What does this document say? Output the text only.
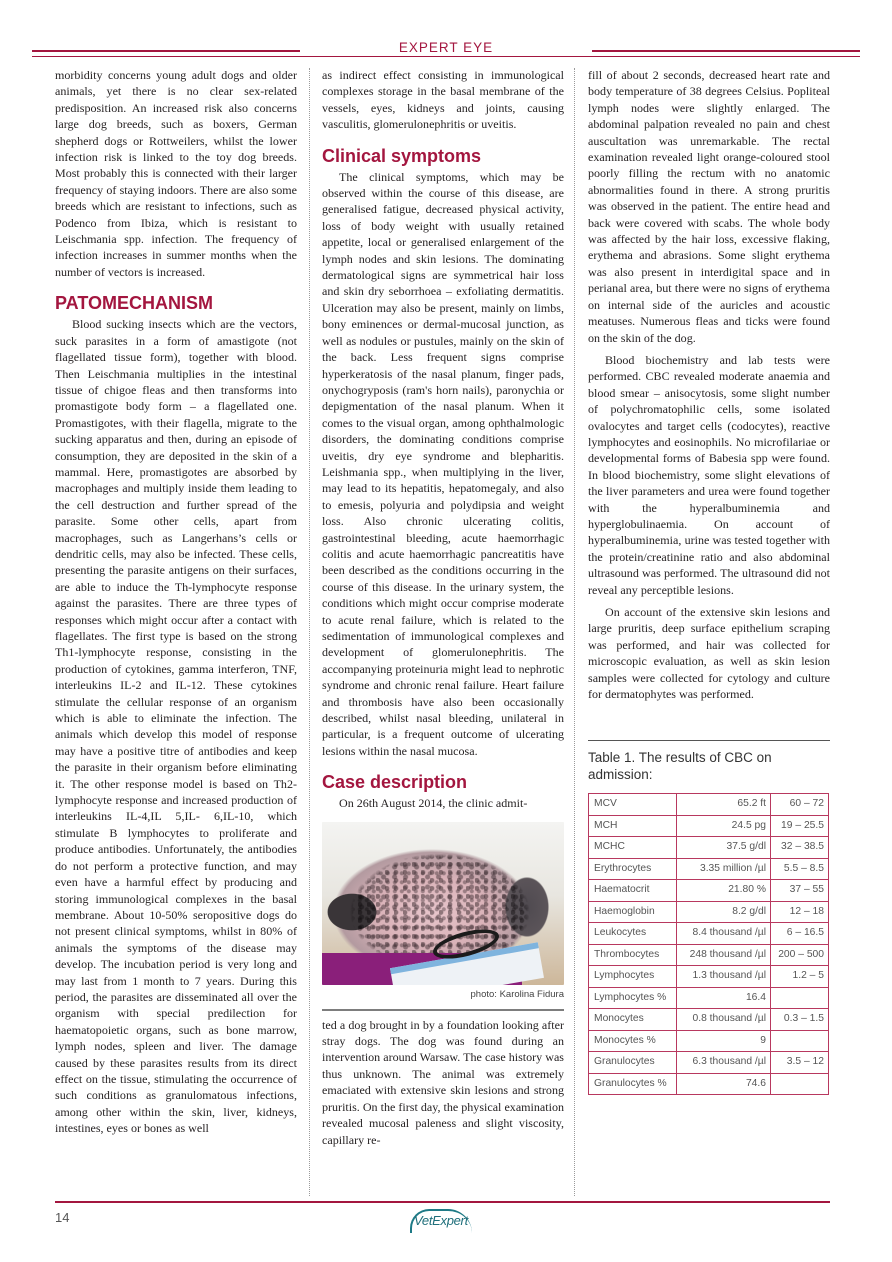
EXPERT EYE

morbidity concerns young adult dogs and older animals, yet there is no clear sex-related predisposition. An increased risk also concerns large dog breeds, such as boxers, German shepherd dogs or Rottweilers, whilst the lower infection risk is linked to the toy dog breeds. Most probably this is connected with their larger frequency of staying indoors. There are also some breeds which are resistant to infections, such as Podenco from Ibiza, which is resistant to Leischmania spp. infection. The frequency of infection increases in summer months when the number of vectors is increased.

PATOMECHANISM

Blood sucking insects which are the vectors, suck parasites in a form of amastigote (not flagellated tissue form), together with blood. Then Leischmania multiplies in the intestinal tissue of chigoe fleas and then transforms into promastigote body form – a flagellated one. Promastigotes, with their flagella, migrate to the sucking apparatus and then, during an episode of consumption, they are deposited in the skin of a mammal. Here, promastigotes are absorbed by macrophages and multiply inside them leading to the cell destruction and further spread of the parasite. Some other cells, apart from macrophages, such as Langerhans’s cells or dendritic cells, may also be infected. These cells, presenting the parasite antigens on their surfaces, are able to induce the Th-lymphocyte response against the parasites. There are three types of responses which might occur after a contact with flagellates. The first type is based on the strong Th1-lymphocyte response, consisting in the production of cytokines, gamma interferon, TNF, interleukins IL-2 and IL-12. These cytokines stimulate the cellular response of an organism which is able to eliminate the infection. The animals which develop this model of response may have a positive titre of antibodies and keep the parasite in their organism before eliminating it. The other response model is based on Th2-lymphocyte response and increased production of interleukins IL-4,IL 5,IL- 6,IL-10, which stimulate B lymphocytes to proliferate and produce antibodies. Unfortunately, the antibodies do not perform a protective function, and may even have a harmful effect by producing and storing immunological complexes in the basal membrane. About 10-50% seropositive dogs do not present clinical symptoms, whilst in 80% of animals the symptoms of the disease may develop. The incubation period is very long and may last from 1 month to 7 years. During this period, the parasites are disseminated all over the organism with special predilection for haematopoietic organs, such as bone marrow, lymph nodes, spleen and liver. The damage caused by these parasites results from its direct effect on the tissue, stimulating the occurrence of such conditions as granulomatous infections, among other within the skin, liver, kidneys, intestines, eyes or bones as well

as indirect effect consisting in immunological complexes storage in the basal membrane of the vessels, eyes, kidneys and joints, causing vasculitis, glomerulonephritis or uveitis.

Clinical symptoms

The clinical symptoms, which may be observed within the course of this disease, are generalised fatigue, decreased physical activity, loss of body weight with usually retained appetite, local or generalised enlargement of the lymph nodes and skin lesions. The dominating dermatological signs are symmetrical hair loss and skin dry seborrhoea – exfoliating dermatitis. Ulceration may also be present, mainly on limbs, bony eminences or dermal-mucosal junction, as well as nodules or pustules, mainly on the skin of the back. Less frequent signs comprise hyperkeratosis of the nasal planum, finger pads, onychogryposis (ram's horn nails), paronychia or depigmentation of the nasal planum. When it comes to the visual organ, among ophthalmologic disorders, the dominating conditions comprise uveitis, dry eye syndrome and blepharitis. Leishmania spp., when multiplying in the liver, may lead to its hepatitis, hepatomegaly, and also to emesis, polyuria and polydipsia and weight loss. Also chronic ulcerating colitis, gastrointestinal bleeding, acute haemorrhagic colitis and acute haemorrhagic pancreatitis have been described as the conditions occurring in the course of this disease. In the urinary system, the conditions which might occur comprise moderate to acute renal failure, which is related to the sedimentation of immunological complexes and development of glomerulonephritis. The accompanying proteinuria might lead to nephrotic syndrome and chronic renal failure. Heart failure and thrombosis have also been occasionally described, whilst nasal bleeding, unilateral in particular, is a frequent outcome of ulcerating lesions within the nasal mucosa.

Case description

On 26th August 2014, the clinic admit-

photo: Karolina Fidura

ted a dog brought in by a foundation looking after stray dogs. The dog was found during an intervention around Warsaw. The case history was thus unknown. The animal was extremely emaciated with extensive skin lesions and strong pruritis. On the first day, the physical examination revealed mucosal paleness and slight viscosity, capillary re-

fill of about 2 seconds, decreased heart rate and body temperature of 38 degrees Celsius. Popliteal lymph nodes were slightly enlarged. The abdominal palpation revealed no pain and chest auscultation was unremarkable. The rectal examination revealed light orange-coloured stool poorly filling the rectum with no anatomic abnormalities found in there. A strong pruritis was observed in the patient. The entire head and back were covered with scabs. The whole body was affected by the hair loss, excessive flaking, erythema and abrasions. Some slight erythema was also present in interdigital space and in perianal area, but there were no signs of erythema on internal side of the auricles and acoustic meatuses. Numerous fleas and ticks were found on the skin of the dog.

Blood biochemistry and lab tests were performed. CBC revealed moderate anaemia and blood smear – anisocytosis, some slight number of polychromatophilic cells, some isolated ovalocytes and target cells (codocytes), reactive lymphocytes and eosinophils. No microfilariae or developmental forms of Babesia spp were found. In blood biochemistry, some slight elevations of the liver parameters and urea were found together with the hyperalbuminemia and hyperglobulinaemia. On account of hyperalbuminemia, urine was tested together with the protein/creatinine ratio and also abdominal ultrasound was performed. The ultrasound did not reveal any perceptible lesions.

On account of the extensive skin lesions and large pruritis, deep surface epithelium scraping was performed, and hair was collected for microscopic evaluation, as well as skin lesion samples were collected for cytology and culture for dermatophytes was performed.

Table 1. The results of CBC on admission:
MCV	65.2 ft	60 – 72
MCH	24.5 pg	19 – 25.5
MCHC	37.5 g/dl	32 – 38.5
Erythrocytes	3.35 million /µl	5.5 – 8.5
Haematocrit	21.80 %	37 – 55
Haemoglobin	8.2 g/dl	12 – 18
Leukocytes	8.4 thousand /µl	6 – 16.5
Thrombocytes	248 thousand /µl	200 – 500
Lymphocytes	1.3 thousand /µl	1.2 – 5
Lymphocytes %	16.4	
Monocytes	0.8 thousand /µl	0.3 – 1.5
Monocytes %	9	
Granulocytes	6.3 thousand /µl	3.5 – 12
Granulocytes %	74.6	
14	VetExpert
